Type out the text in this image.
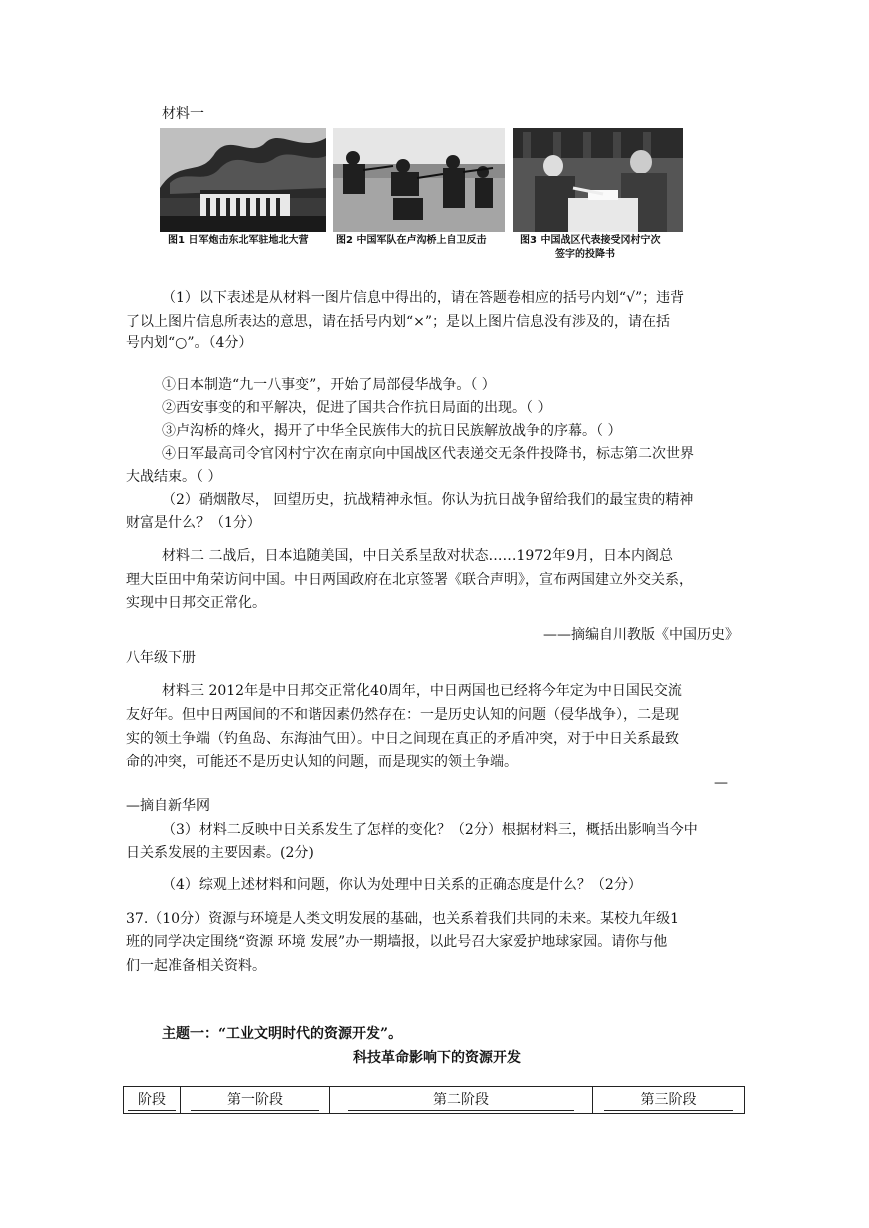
材料一
图1 日军炮击东北军驻地北大营	图2 中国军队在卢沟桥上自卫反击	图3 中国战区代表接受冈村宁次
签字的投降书
（1）以下表述是从材料一图片信息中得出的，请在答题卷相应的括号内划“√”；违背
了以上图片信息所表达的意思，请在括号内划“×”；是以上图片信息没有涉及的，请在括
号内划“○”。（4分）
①日本制造“九一八事变”，开始了局部侵华战争。（ ）
②西安事变的和平解决，促进了国共合作抗日局面的出现。（ ）
③卢沟桥的烽火，揭开了中华全民族伟大的抗日民族解放战争的序幕。（ ）
④日军最高司令官冈村宁次在南京向中国战区代表递交无条件投降书，标志第二次世界
大战结束。（ ）
（2）硝烟散尽， 回望历史，抗战精神永恒。你认为抗日战争留给我们的最宝贵的精神
财富是什么？（1分）
材料二 二战后，日本追随美国，中日关系呈敌对状态……1972年9月，日本内阁总
理大臣田中角荣访问中国。中日两国政府在北京签署《联合声明》，宣布两国建立外交关系，
实现中日邦交正常化。
——摘编自川教版《中国历史》
八年级下册
材料三 2012年是中日邦交正常化40周年，中日两国也已经将今年定为中日国民交流
友好年。但中日两国间的不和谐因素仍然存在：一是历史认知的问题（侵华战争），二是现
实的领土争端（钓鱼岛、东海油气田）。中日之间现在真正的矛盾冲突，对于中日关系最致
命的冲突，可能还不是历史认知的问题，而是现实的领土争端。
—
—摘自新华网
（3）材料二反映中日关系发生了怎样的变化？（2分）根据材料三，概括出影响当今中
日关系发展的主要因素。(2分)
（4）综观上述材料和问题，你认为处理中日关系的正确态度是什么？（2分）
37.（10分）资源与环境是人类文明发展的基础，也关系着我们共同的未来。某校九年级1
班的同学决定围绕“资源 环境 发展”办一期墙报，以此号召大家爱护地球家园。请你与他
们一起准备相关资料。
主题一：“工业文明时代的资源开发”。
科技革命影响下的资源开发
阶段	第一阶段	第二阶段	第三阶段
